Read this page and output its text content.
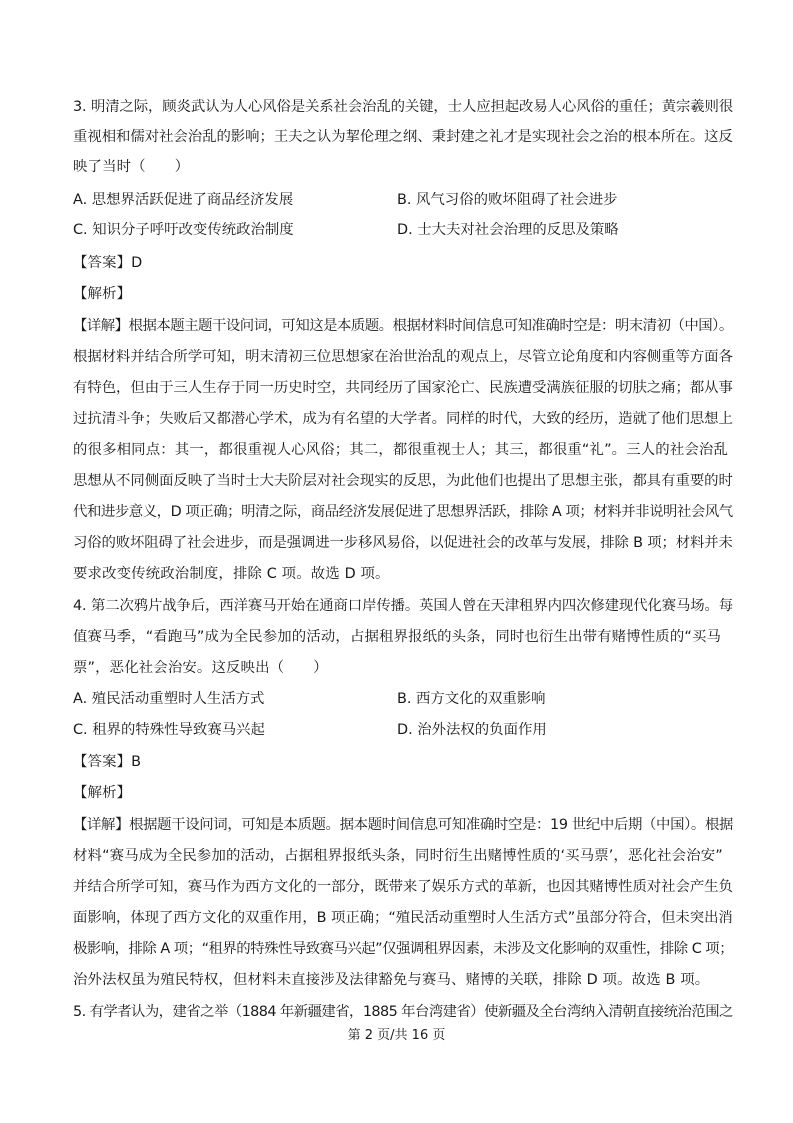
3. 明清之际，顾炎武认为人心风俗是关系社会治乱的关键，士人应担起改易人心风俗的重任；黄宗羲则很
重视相和儒对社会治乱的影响；王夫之认为挈伦理之纲、秉封建之礼才是实现社会之治的根本所在。这反
映了当时（　　）
A. 思想界活跃促进了商品经济发展	B. 风气习俗的败坏阻碍了社会进步
C. 知识分子呼吁改变传统政治制度	D. 士大夫对社会治理的反思及策略
【答案】D
【解析】
【详解】根据本题主题干设问词，可知这是本质题。根据材料时间信息可知准确时空是：明末清初（中国）。
根据材料并结合所学可知，明末清初三位思想家在治世治乱的观点上，尽管立论角度和内容侧重等方面各
有特色，但由于三人生存于同一历史时空，共同经历了国家沦亡、民族遭受满族征服的切肤之痛；都从事
过抗清斗争；失败后又都潜心学术，成为有名望的大学者。同样的时代，大致的经历，造就了他们思想上
的很多相同点：其一，都很重视人心风俗；其二，都很重视士人；其三，都很重“礼”。三人的社会治乱
思想从不同侧面反映了当时士大夫阶层对社会现实的反思，为此他们也提出了思想主张，都具有重要的时
代和进步意义，D 项正确；明清之际，商品经济发展促进了思想界活跃，排除 A 项；材料并非说明社会风气
习俗的败坏阻碍了社会进步，而是强调进一步移风易俗，以促进社会的改革与发展，排除 B 项；材料并未
要求改变传统政治制度，排除 C 项。故选 D 项。
4. 第二次鸦片战争后，西洋赛马开始在通商口岸传播。英国人曾在天津租界内四次修建现代化赛马场。每
值赛马季，“看跑马”成为全民参加的活动，占据租界报纸的头条，同时也衍生出带有赌博性质的“买马
票”，恶化社会治安。这反映出（　　）
A. 殖民活动重塑时人生活方式	B. 西方文化的双重影响
C. 租界的特殊性导致赛马兴起	D. 治外法权的负面作用
【答案】B
【解析】
【详解】根据题干设问词，可知是本质题。据本题时间信息可知准确时空是：19 世纪中后期（中国）。根据
材料“赛马成为全民参加的活动，占据租界报纸头条，同时衍生出赌博性质的‘买马票’，恶化社会治安”
并结合所学可知，赛马作为西方文化的一部分，既带来了娱乐方式的革新，也因其赌博性质对社会产生负
面影响，体现了西方文化的双重作用，B 项正确；“殖民活动重塑时人生活方式”虽部分符合，但未突出消
极影响，排除 A 项；“租界的特殊性导致赛马兴起”仅强调租界因素，未涉及文化影响的双重性，排除 C 项；
治外法权虽为殖民特权，但材料未直接涉及法律豁免与赛马、赌博的关联，排除 D 项。故选 B 项。
5. 有学者认为，建省之举（1884 年新疆建省，1885 年台湾建省）使新疆及全台湾纳入清朝直接统治范围之
第 2 页/共 16 页
